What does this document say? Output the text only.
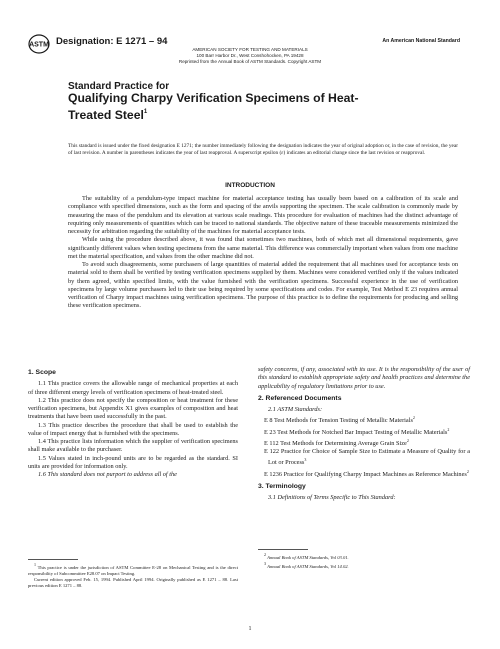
ASTM Designation: E 1271 – 94	An American National Standard
AMERICAN SOCIETY FOR TESTING AND MATERIALS
100 Barr Harbor Dr., West Conshohocken, PA 19428
Reprinted from the Annual Book of ASTM Standards. Copyright ASTM
Standard Practice for
Qualifying Charpy Verification Specimens of Heat-Treated Steel$^1$
This standard is issued under the fixed designation E 1271; the number immediately following the designation indicates the year of original adoption or, in the case of revision, the year of last revision. A number in parentheses indicates the year of last reapproval. A superscript epsilon (ε) indicates an editorial change since the last revision or reapproval.
INTRODUCTION

The suitability of a pendulum-type impact machine for material acceptance testing has usually been based on a calibration of its scale and compliance with specified dimensions, such as the form and spacing of the anvils supporting the specimen. The scale calibration is commonly made by measuring the mass of the pendulum and its elevation at various scale readings. This procedure for evaluation of machines had the distinct advantage of requiring only measurements of quantities which can be traced to national standards. The objective nature of these traceable measurements minimized the necessity for arbitration regarding the suitability of the machines for material acceptance tests.

While using the procedure described above, it was found that sometimes two machines, both of which met all dimensional requirements, gave significantly different values when testing specimens from the same material. This difference was commercially important when values from one machine met the material specification, and values from the other machine did not.

To avoid such disagreements, some purchasers of large quantities of material added the requirement that all machines used for acceptance tests on material sold to them shall be verified by testing verification specimens supplied by them. Machines were considered verified only if the values indicated by them agreed, within specified limits, with the value furnished with the verification specimens. Successful experience in the use of verification specimens by large volume purchasers led to their use being required by some specifications and codes. For example, Test Method E 23 requires annual verification of Charpy impact machines using verification specimens. The purpose of this practice is to define the requirements for producing and selling these verification specimens.

1. Scope

1.1 This practice covers the allowable range of mechanical properties at each of three different energy levels of verification specimens of heat-treated steel.

1.2 This practice does not specify the composition or heat treatment for these verification specimens, but Appendix X1 gives examples of composition and heat treatments that have been used successfully in the past.

1.3 This practice describes the procedure that shall be used to establish the value of impact energy that is furnished with the specimens.

1.4 This practice lists information which the supplier of verification specimens shall make available to the purchaser.

1.5 Values stated in inch-pound units are to be regarded as the standard. SI units are provided for information only.

1.6 This standard does not purport to address all of the

safety concerns, if any, associated with its use. It is the responsibility of the user of this standard to establish appropriate safety and health practices and determine the applicability of regulatory limitations prior to use.

2. Referenced Documents

2.1 ASTM Standards:

E 8 Test Methods for Tension Testing of Metallic Materials$^2$

E 23 Test Methods for Notched Bar Impact Testing of Metallic Materials$^2$

E 112 Test Methods for Determining Average Grain Size$^2$

E 122 Practice for Choice of Sample Size to Estimate a Measure of Quality for a Lot or Process$^3$

E 1236 Practice for Qualifying Charpy Impact Machines as Reference Machines$^2$

3. Terminology

3.1 Definitions of Terms Specific to This Standard:

$^1$ This practice is under the jurisdiction of ASTM Committee E-28 on Mechanical Testing and is the direct responsibility of Subcommittee E28.07 on Impact Testing.

Current edition approved Feb. 15, 1994. Published April 1994. Originally published as E 1271 – 88. Last previous edition E 1271 – 88.

$^2$ Annual Book of ASTM Standards, Vol 03.01.

$^3$ Annual Book of ASTM Standards, Vol 14.02.

1
